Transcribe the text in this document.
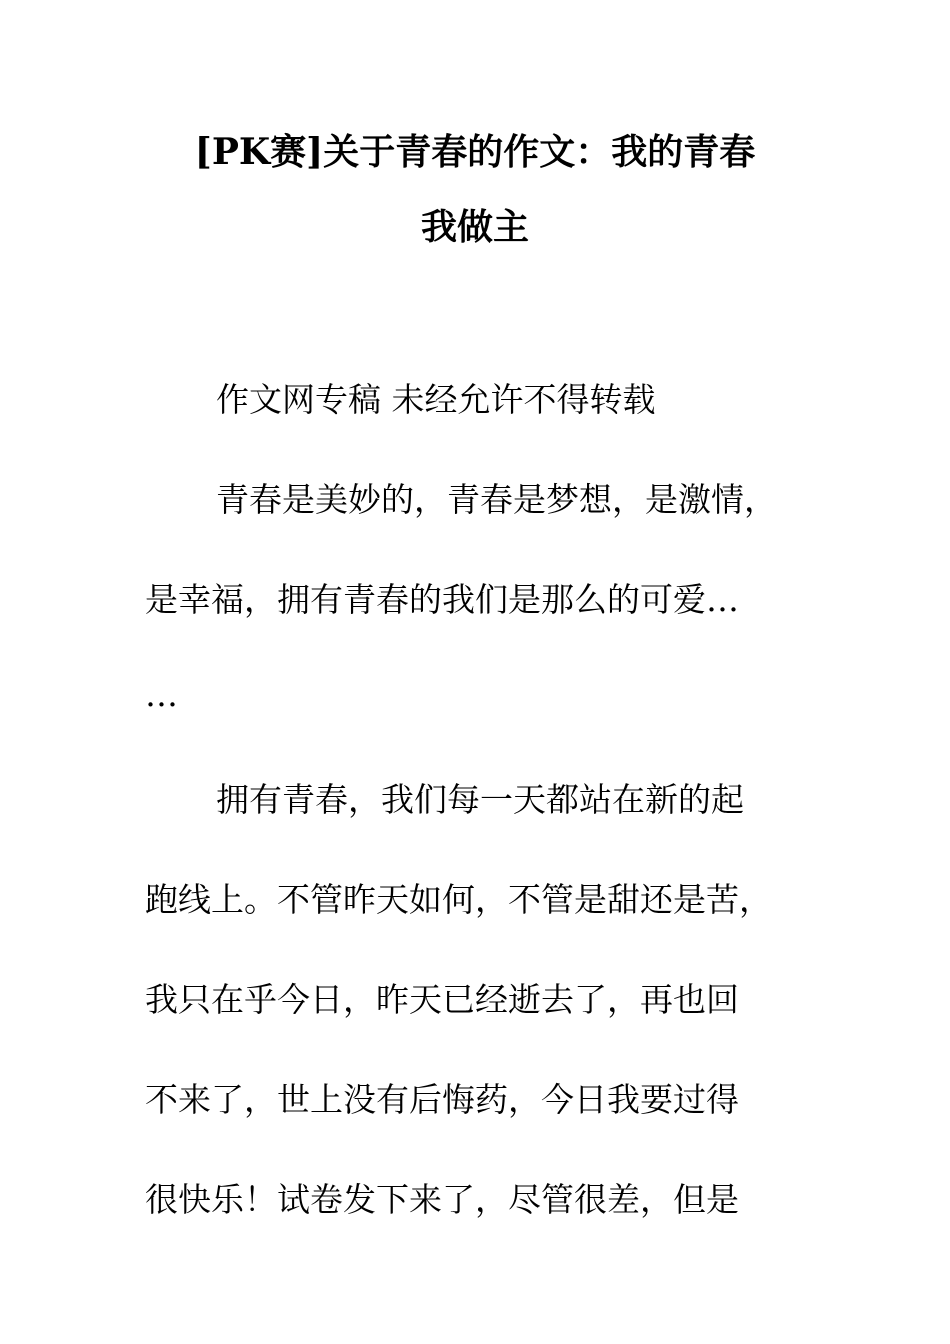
[PK赛]关于青春的作文：我的青春
我做主
作文网专稿 未经允许不得转载
青春是美妙的，青春是梦想，是激情，
是幸福，拥有青春的我们是那么的可爱…
…
拥有青春，我们每一天都站在新的起
跑线上。不管昨天如何，不管是甜还是苦，
我只在乎今日，昨天已经逝去了，再也回
不来了，世上没有后悔药，今日我要过得
很快乐！试卷发下来了，尽管很差，但是
